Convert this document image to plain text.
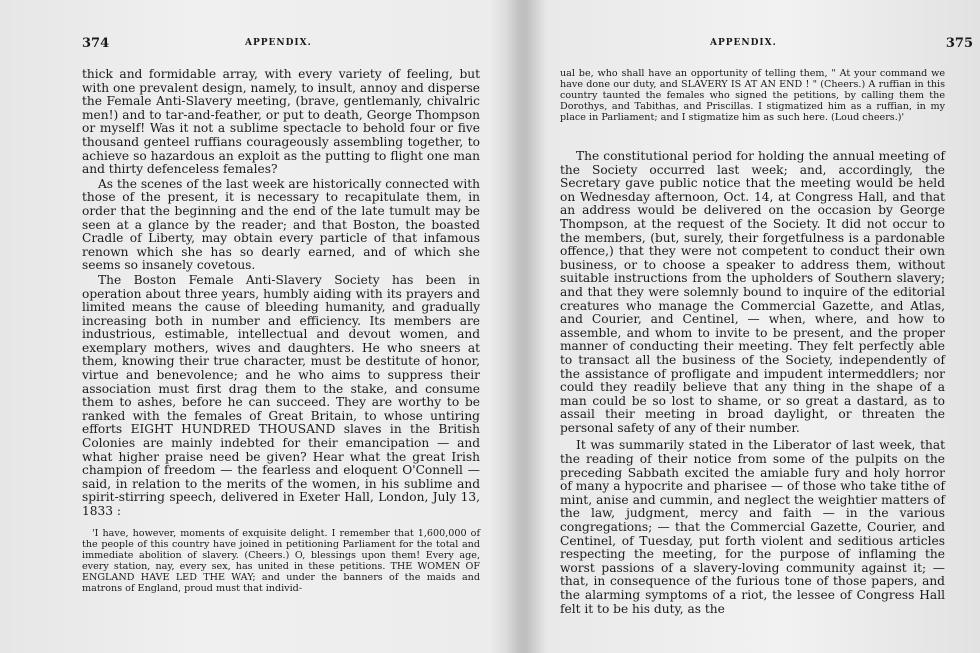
374	APPENDIX.

thick and formidable array, with every variety of feeling, but with one prevalent design, namely, to insult, annoy and disperse the Female Anti-Slavery meeting, (brave, gentlemanly, chivalric men!) and to tar-and-feather, or put to death, George Thompson or myself! Was it not a sublime spectacle to behold four or five thousand genteel ruffians courageously assembling together, to achieve so hazardous an exploit as the putting to flight one man and thirty defenceless females?

As the scenes of the last week are historically connected with those of the present, it is necessary to recapitulate them, in order that the beginning and the end of the late tumult may be seen at a glance by the reader; and that Boston, the boasted Cradle of Liberty, may obtain every particle of that infamous renown which she has so dearly earned, and of which she seems so insanely covetous.

The Boston Female Anti-Slavery Society has been in operation about three years, humbly aiding with its prayers and limited means the cause of bleeding humanity, and gradually increasing both in number and efficiency. Its members are industrious, estimable, intellectual and devout women, and exemplary mothers, wives and daughters. He who sneers at them, knowing their true character, must be destitute of honor, virtue and benevolence; and he who aims to suppress their association must first drag them to the stake, and consume them to ashes, before he can succeed. They are worthy to be ranked with the females of Great Britain, to whose untiring efforts EIGHT HUNDRED THOUSAND slaves in the British Colonies are mainly indebted for their emancipation — and what higher praise need be given? Hear what the great Irish champion of freedom — the fearless and eloquent O'Connell — said, in relation to the merits of the women, in his sublime and spirit-stirring speech, delivered in Exeter Hall, London, July 13, 1833 :

'I have, however, moments of exquisite delight. I remember that 1,600,000 of the people of this country have joined in petitioning Parliament for the total and immediate abolition of slavery. (Cheers.) O, blessings upon them! Every age, every station, nay, every sex, has united in these petitions. THE WOMEN OF ENGLAND HAVE LED THE WAY; and under the banners of the maids and matrons of England, proud must that individ-

APPENDIX.	375

ual be, who shall have an opportunity of telling them, " At your command we have done our duty, and SLAVERY IS AT AN END ! " (Cheers.) A ruffian in this country taunted the females who signed the petitions, by calling them the Dorothys, and Tabithas, and Priscillas. I stigmatized him as a ruffian, in my place in Parliament; and I stigmatize him as such here. (Loud cheers.)'

The constitutional period for holding the annual meeting of the Society occurred last week; and, accordingly, the Secretary gave public notice that the meeting would be held on Wednesday afternoon, Oct. 14, at Congress Hall, and that an address would be delivered on the occasion by George Thompson, at the request of the Society. It did not occur to the members, (but, surely, their forgetfulness is a pardonable offence,) that they were not competent to conduct their own business, or to choose a speaker to address them, without suitable instructions from the upholders of Southern slavery; and that they were solemnly bound to inquire of the editorial creatures who manage the Commercial Gazette, and Atlas, and Courier, and Centinel, — when, where, and how to assemble, and whom to invite to be present, and the proper manner of conducting their meeting. They felt perfectly able to transact all the business of the Society, independently of the assistance of profligate and impudent intermeddlers; nor could they readily believe that any thing in the shape of a man could be so lost to shame, or so great a dastard, as to assail their meeting in broad daylight, or threaten the personal safety of any of their number.

It was summarily stated in the Liberator of last week, that the reading of their notice from some of the pulpits on the preceding Sabbath excited the amiable fury and holy horror of many a hypocrite and pharisee — of those who take tithe of mint, anise and cummin, and neglect the weightier matters of the law, judgment, mercy and faith — in the various congregations; — that the Commercial Gazette, Courier, and Centinel, of Tuesday, put forth violent and seditious articles respecting the meeting, for the purpose of inflaming the worst passions of a slavery-loving community against it; — that, in consequence of the furious tone of those papers, and the alarming symptoms of a riot, the lessee of Congress Hall felt it to be his duty, as the
